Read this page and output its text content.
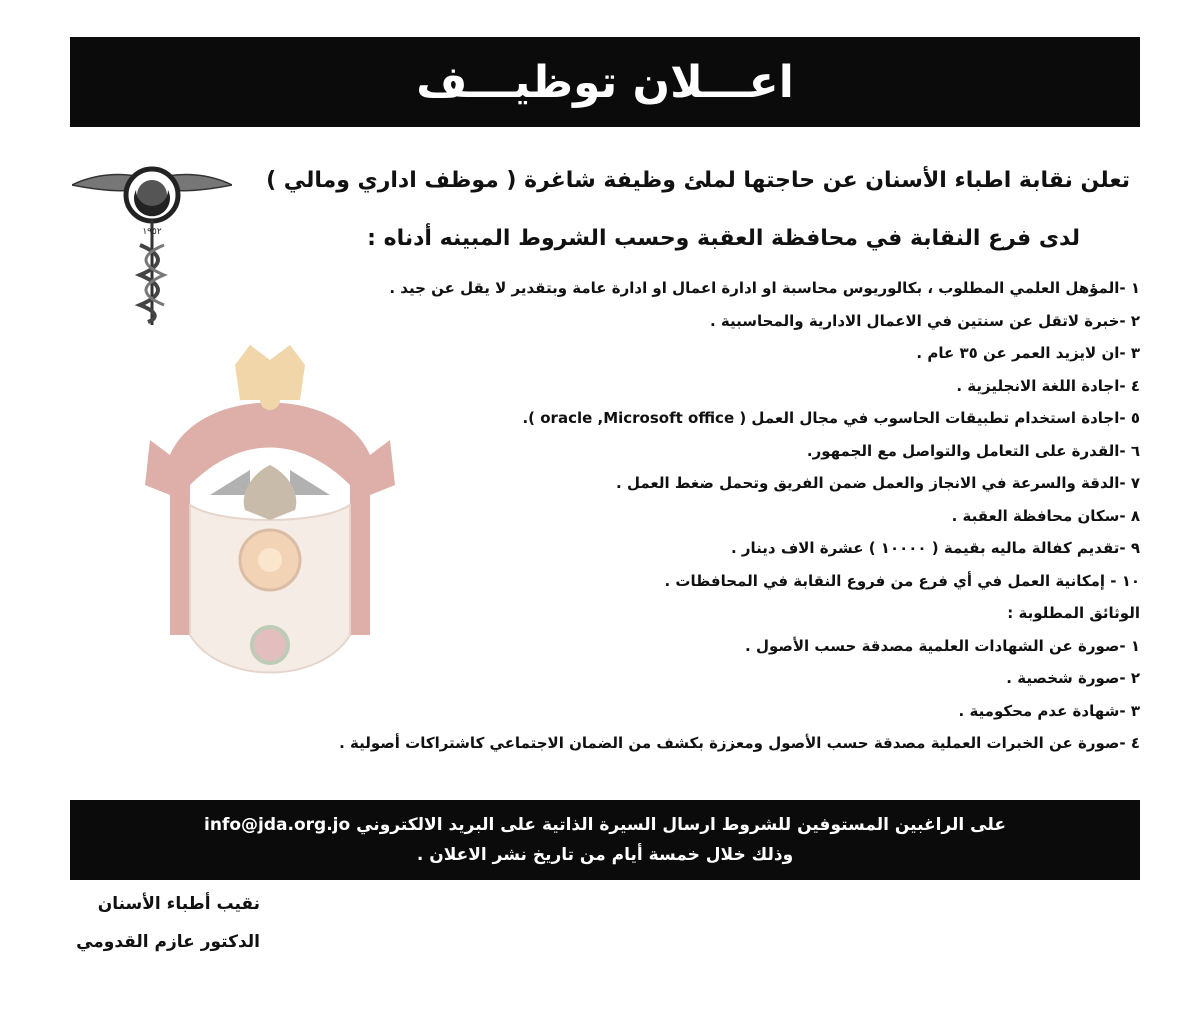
اعـــلان توظيـــف
١٩٥٢
تعلن نقابة اطباء الأسنان عن حاجتها لملئ وظيفة شاغرة ( موظف اداري ومالي )
لدى فرع النقابة في محافظة العقبة وحسب الشروط المبينه أدناه :
١ -المؤهل العلمي المطلوب ، بكالوريوس محاسبة او ادارة اعمال او ادارة عامة وبتقدير لا يقل عن جيد .
٢ -خبرة لاتقل عن سنتين في الاعمال الادارية والمحاسبية .
٣ -ان لايزيد العمر عن ٣٥ عام .
٤ -اجادة اللغة الانجليزية .
٥ -اجادة استخدام تطبيقات الحاسوب في مجال العمل ( oracle ,Microsoft office ).
٦ -القدرة على التعامل والتواصل مع الجمهور.
٧ -الدقة والسرعة في الانجاز والعمل ضمن الفريق وتحمل ضغط العمل .
٨ -سكان محافظة العقبة .
٩ -تقديم كفالة ماليه بقيمة ( ١٠٠٠٠ ) عشرة الاف دينار .
١٠ - إمكانية العمل في أي فرع من فروع النقابة في المحافظات .
الوثائق المطلوبة :
١ -صورة عن الشهادات العلمية مصدقة حسب الأصول .
٢ -صورة شخصية .
٣ -شهادة عدم محكومية .
٤ -صورة عن الخبرات العملية مصدقة حسب الأصول ومعززة بكشف من الضمان الاجتماعي كاشتراكات أصولية .
على الراغبين المستوفين للشروط ارسال السيرة الذاتية على البريد الالكتروني info@jda.org.jo
وذلك خلال خمسة أيام من تاريخ نشر الاعلان .
نقيب أطباء الأسنان
الدكتور عازم القدومي
